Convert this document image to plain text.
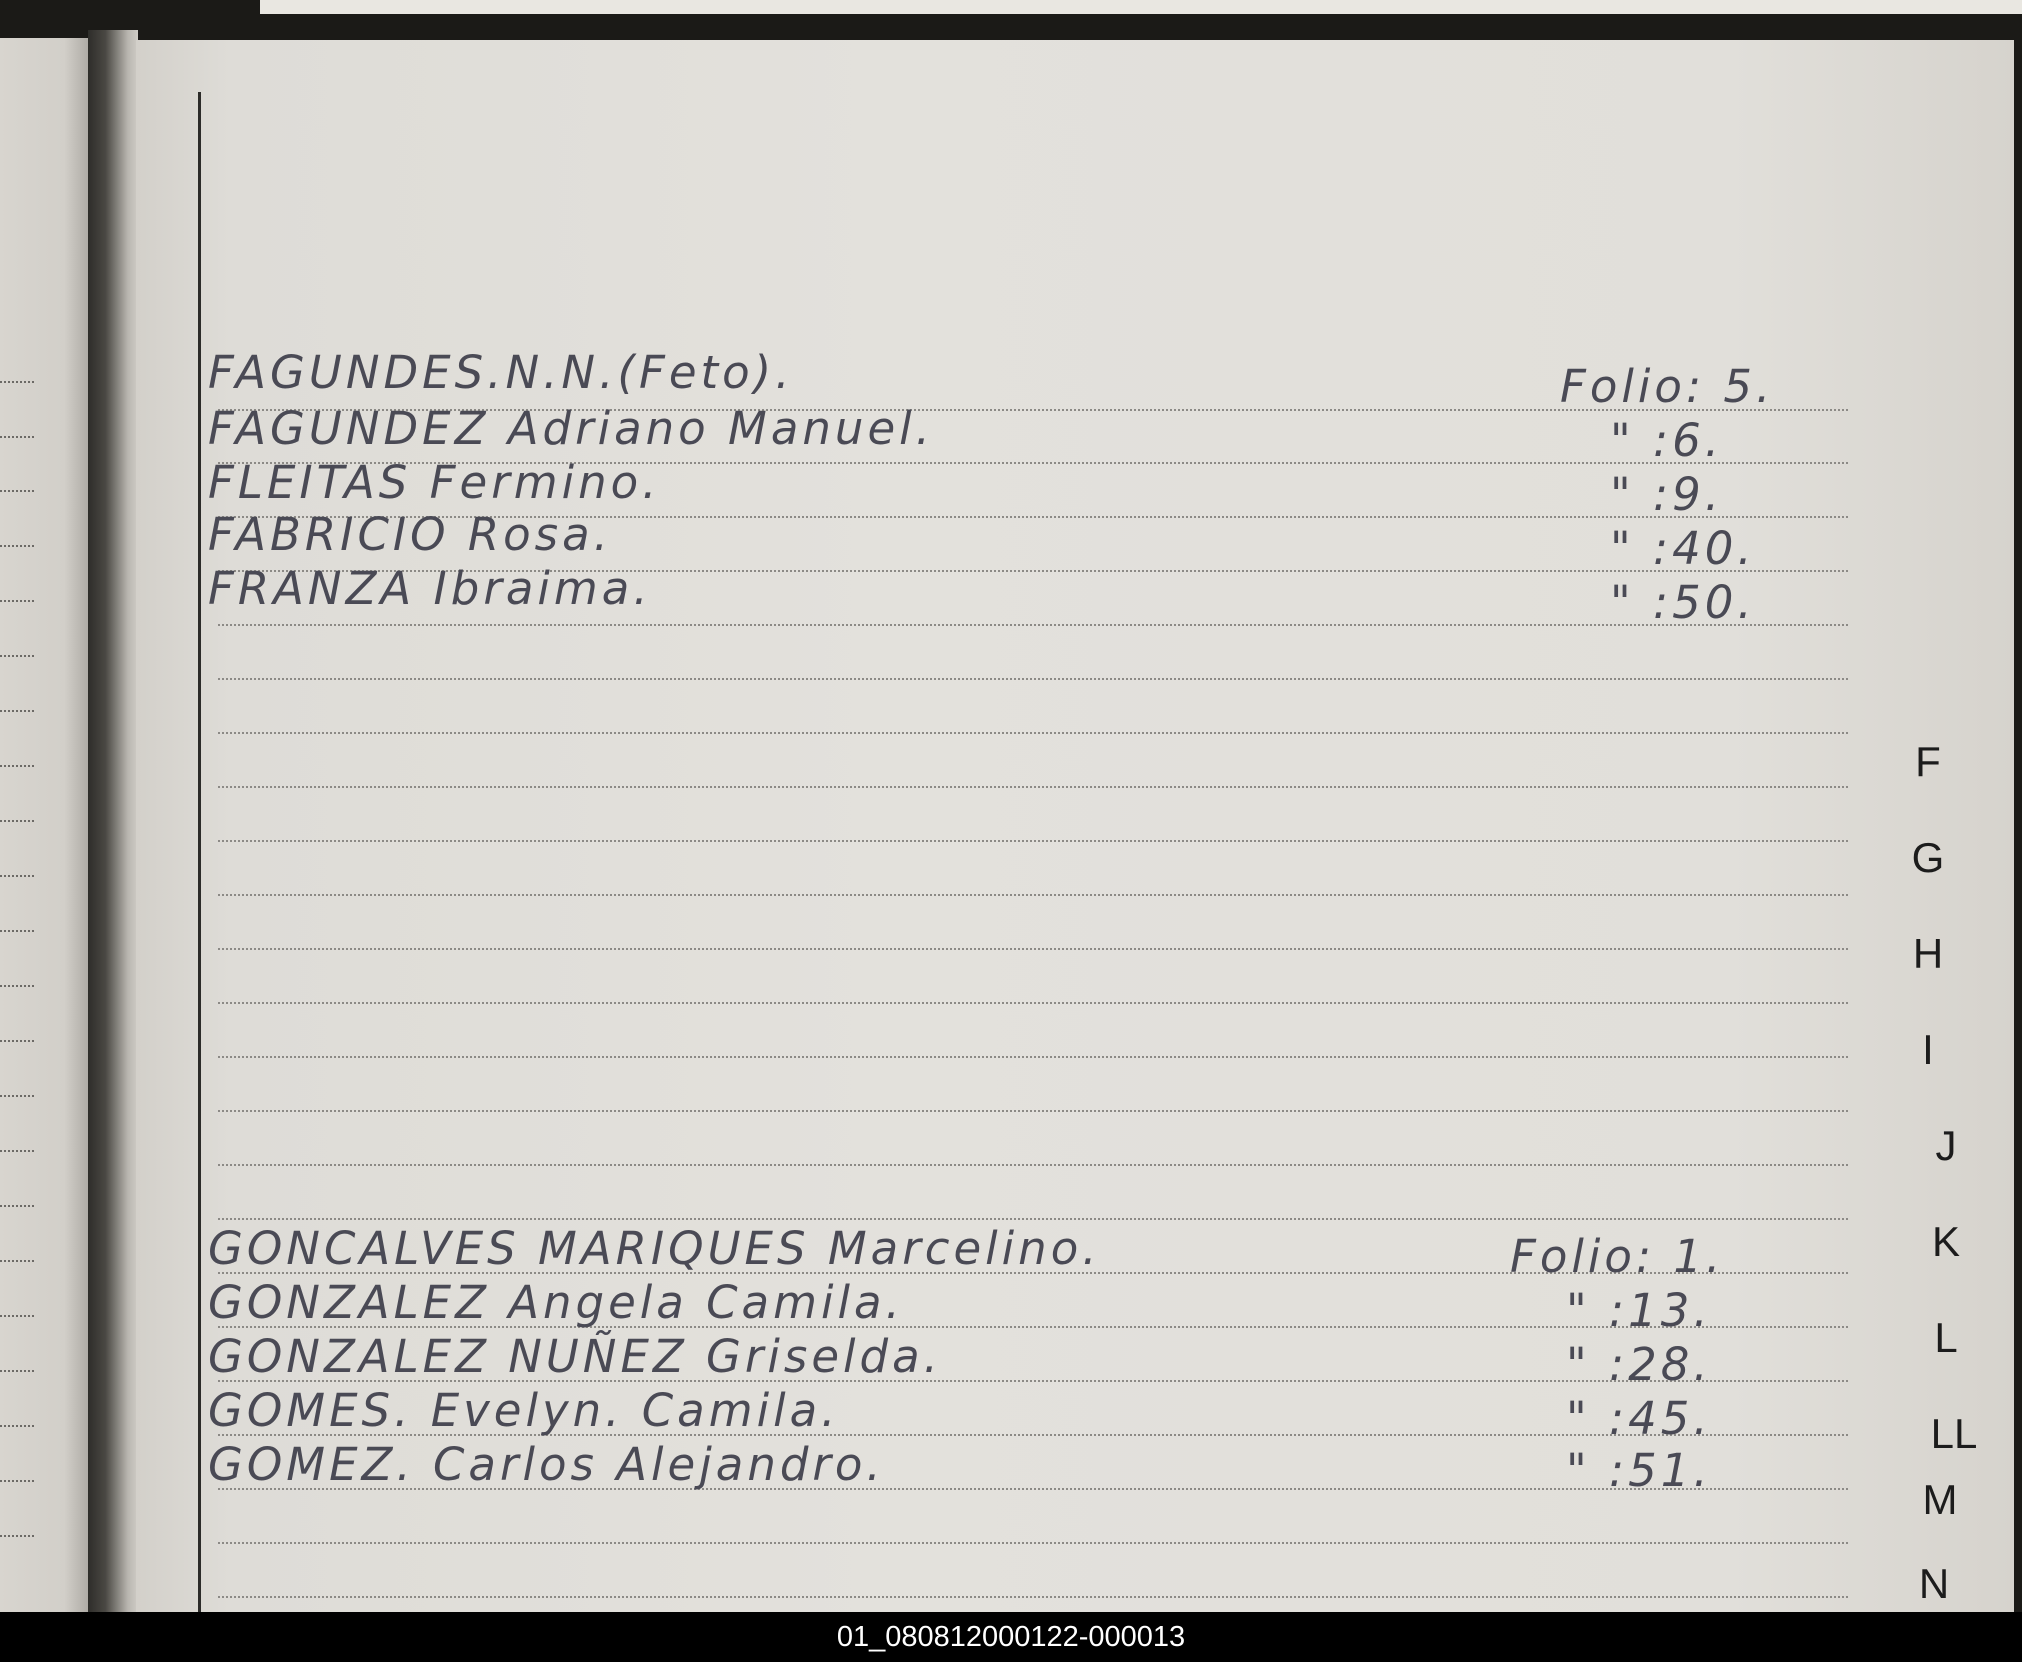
FAGUNDES.N.N.(Feto).	Folio: 5.
FAGUNDEZ Adriano Manuel.	" :6.
FLEITAS Fermino.	" :9.
FABRICIO Rosa.	" :40.
FRANZA Ibraima.	" :50.
GONCALVES MARIQUES Marcelino.	Folio: 1.
GONZALEZ Angela Camila.	" :13.
GONZALEZ NUÑEZ Griselda.	" :28.
GOMES. Evelyn. Camila.	" :45.
GOMEZ. Carlos Alejandro.	" :51.
F
G
H
I
J
K
L
LL
M
N
01_080812000122-000013
